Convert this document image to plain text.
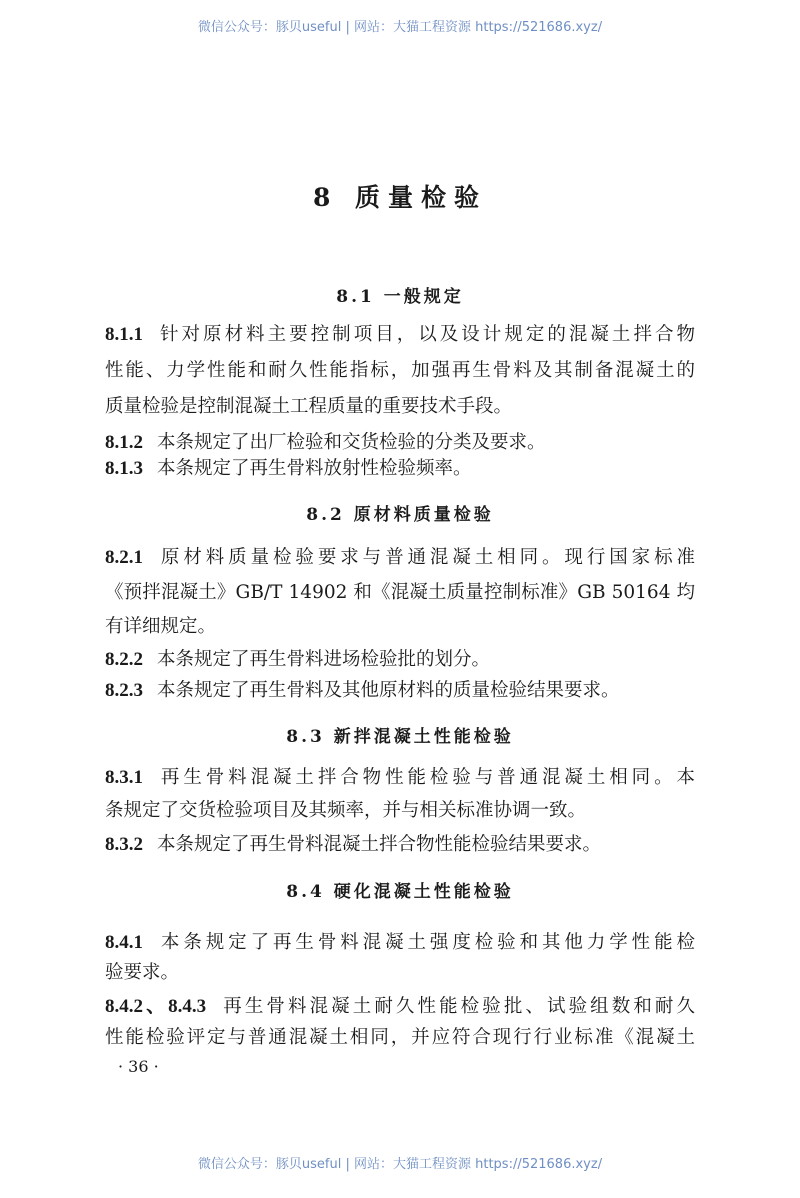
微信公众号：豚贝useful | 网站：大猫工程资源 https://521686.xyz/
8 质量检验
8.1 一般规定
8.1.1 针对原材料主要控制项目，以及设计规定的混凝土拌合物
性能、力学性能和耐久性能指标，加强再生骨料及其制备混凝土的
质量检验是控制混凝土工程质量的重要技术手段。
8.1.2 本条规定了出厂检验和交货检验的分类及要求。
8.1.3 本条规定了再生骨料放射性检验频率。
8.2 原材料质量检验
8.2.1 原材料质量检验要求与普通混凝土相同。现行国家标准
《预拌混凝土》GB/T 14902 和《混凝土质量控制标准》GB 50164 均
有详细规定。
8.2.2 本条规定了再生骨料进场检验批的划分。
8.2.3 本条规定了再生骨料及其他原材料的质量检验结果要求。
8.3 新拌混凝土性能检验
8.3.1 再生骨料混凝土拌合物性能检验与普通混凝土相同。本
条规定了交货检验项目及其频率，并与相关标准协调一致。
8.3.2 本条规定了再生骨料混凝土拌合物性能检验结果要求。
8.4 硬化混凝土性能检验
8.4.1 本条规定了再生骨料混凝土强度检验和其他力学性能检
验要求。
8.4.2、8.4.3 再生骨料混凝土耐久性能检验批、试验组数和耐久
性能检验评定与普通混凝土相同，并应符合现行行业标准《混凝土
· 36 ·
微信公众号：豚贝useful | 网站：大猫工程资源 https://521686.xyz/
